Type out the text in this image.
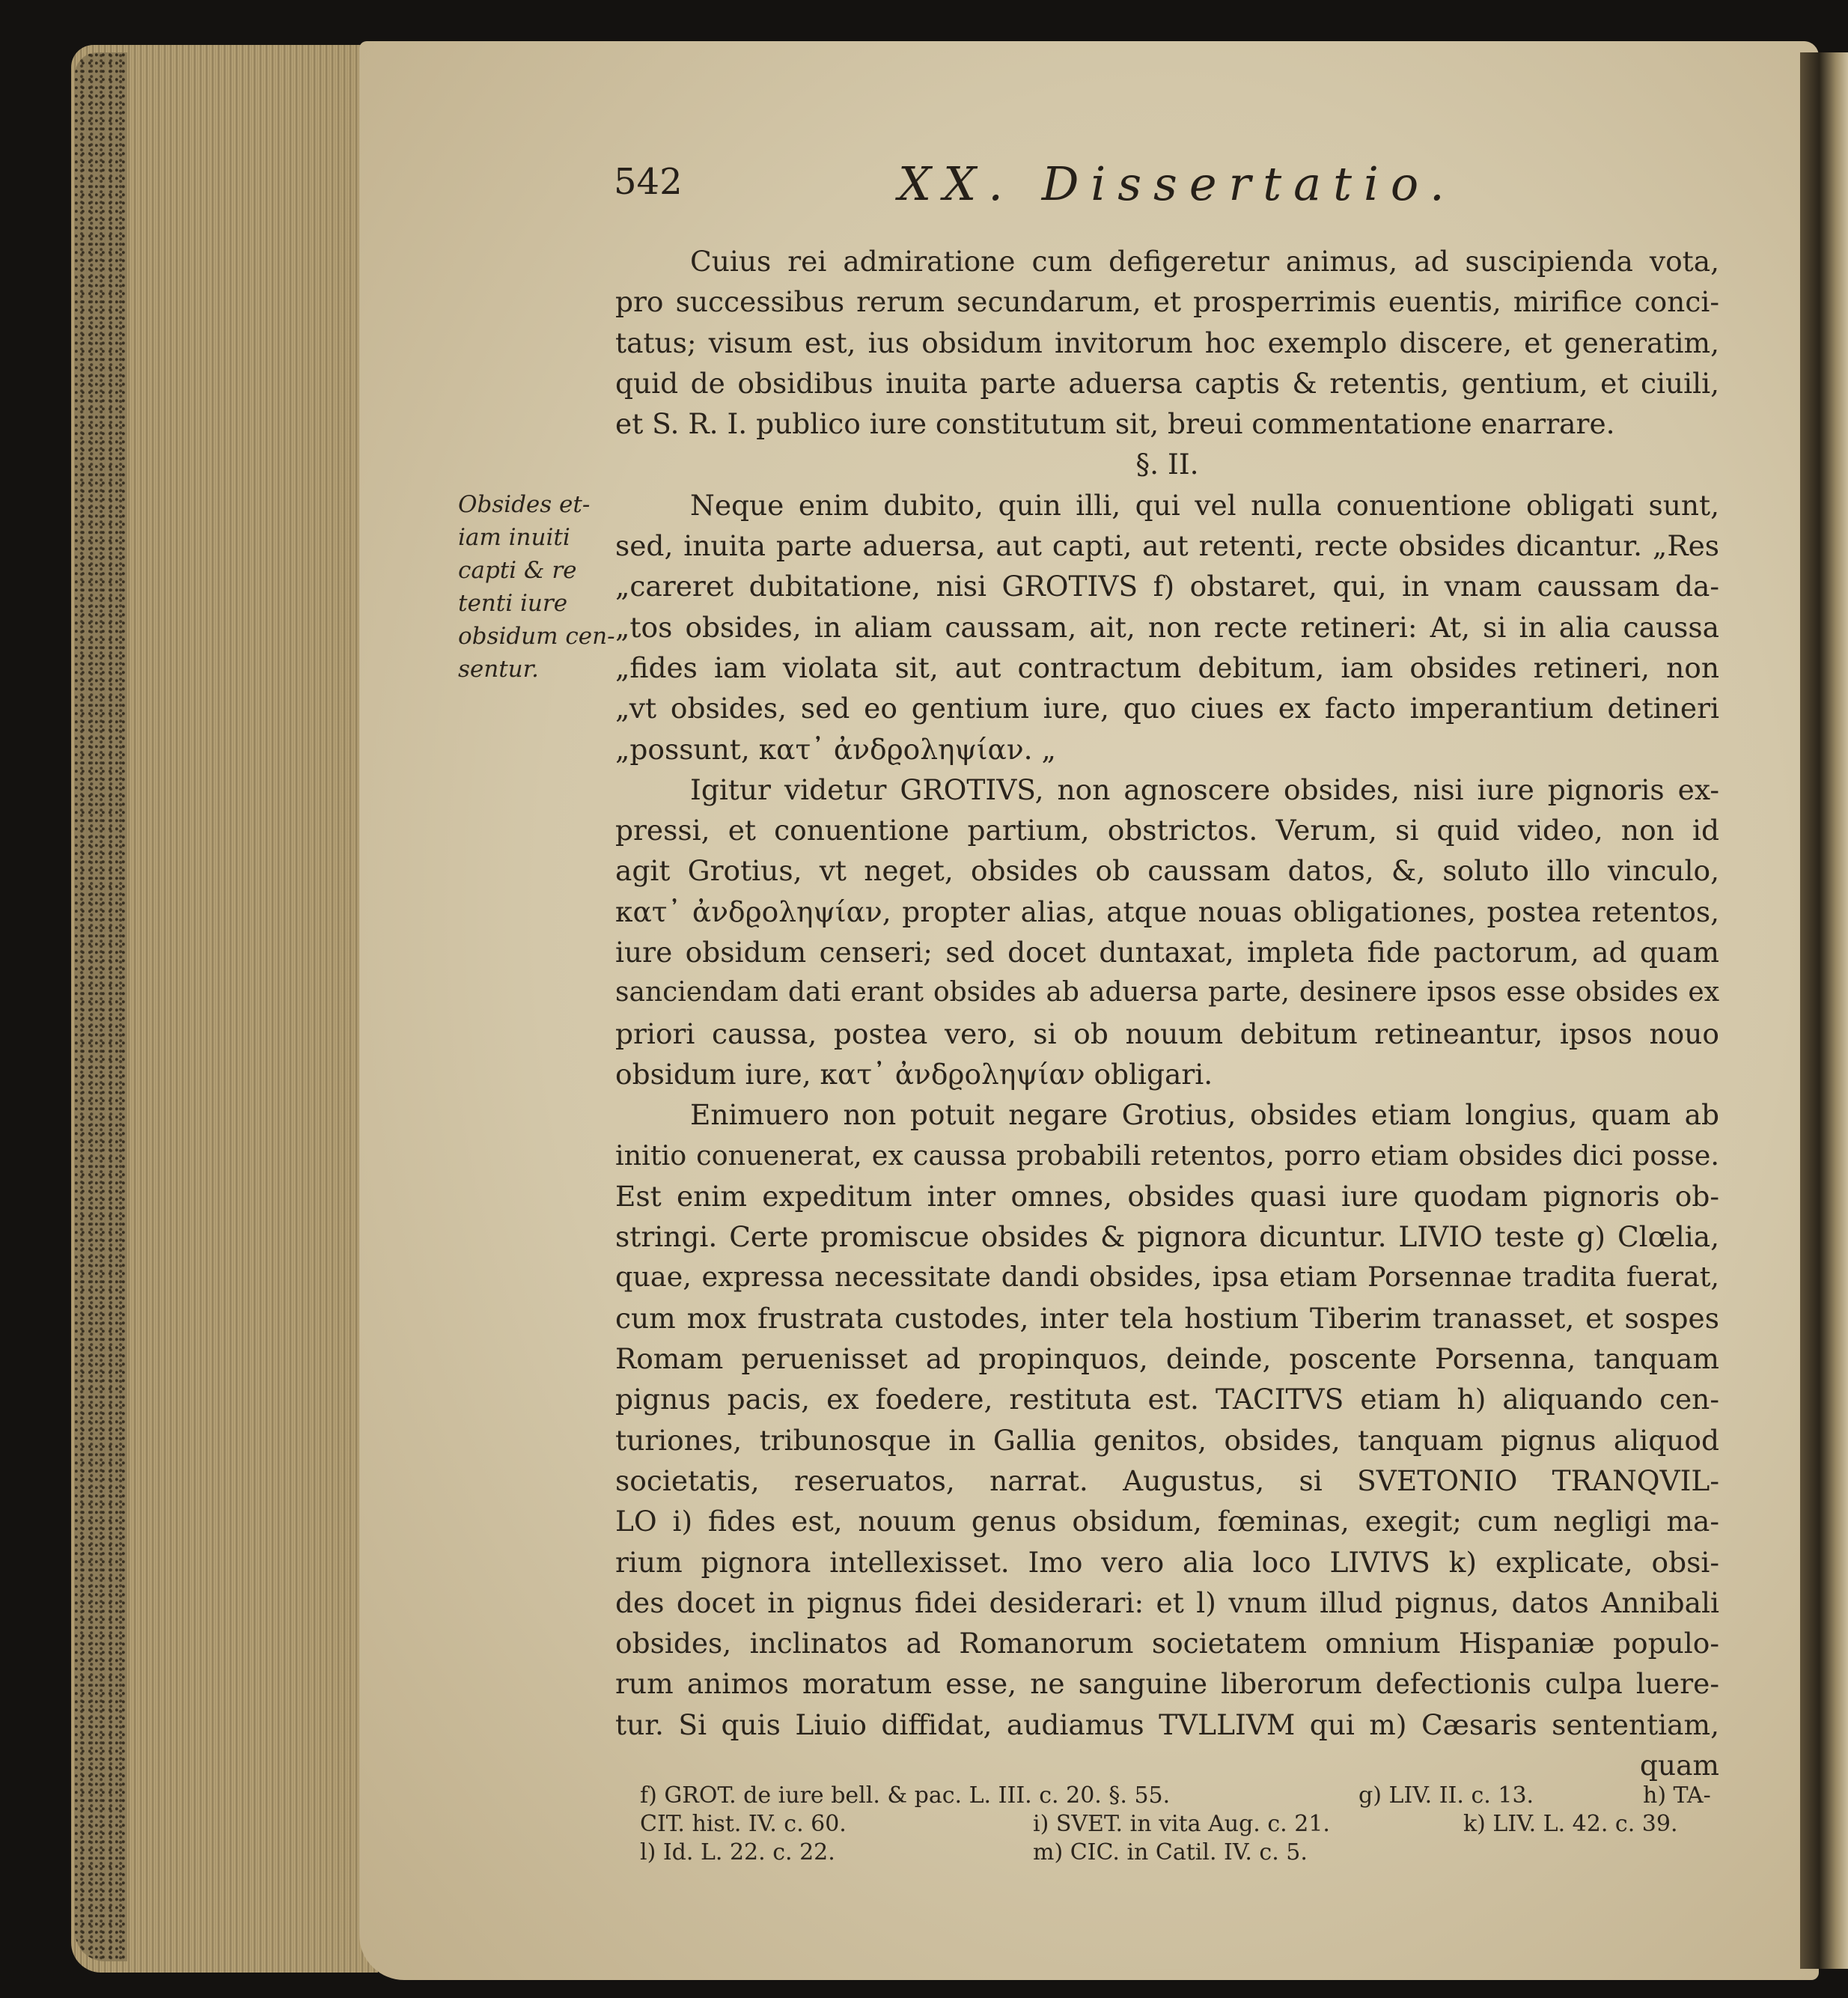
542	XX. Dissertatio.
Obsides et-
iam inuiti
capti & re
tenti iure
obsidum cen-
sentur.
Cuius rei admiratione cum defigeretur animus, ad suscipienda vota,
pro successibus rerum secundarum, et prosperrimis euentis, mirifice conci-
tatus; visum est, ius obsidum invitorum hoc exemplo discere, et generatim,
quid de obsidibus inuita parte aduersa captis & retentis, gentium, et ciuili,
et S. R. I. publico iure constitutum sit, breui commentatione enarrare.
§. II.
Neque enim dubito, quin illi, qui vel nulla conuentione obligati sunt,
sed, inuita parte aduersa, aut capti, aut retenti, recte obsides dicantur. „Res
„careret dubitatione, nisi GROTIVS f) obstaret, qui, in vnam caussam da-
„tos obsides, in aliam caussam, ait, non recte retineri: At, si in alia caussa
„fides iam violata sit, aut contractum debitum, iam obsides retineri, non
„vt obsides, sed eo gentium iure, quo ciues ex facto imperantium detineri
„possunt, κατ᾽ ἀνδϱοληψίαν. „
Igitur videtur GROTIVS, non agnoscere obsides, nisi iure pignoris ex-
pressi, et conuentione partium, obstrictos. Verum, si quid video, non id
agit Grotius, vt neget, obsides ob caussam datos, &, soluto illo vinculo,
κατ᾽ ἀνδϱοληψίαν, propter alias, atque nouas obligationes, postea retentos,
iure obsidum censeri; sed docet duntaxat, impleta fide pactorum, ad quam
sanciendam dati erant obsides ab aduersa parte, desinere ipsos esse obsides ex
priori caussa, postea vero, si ob nouum debitum retineantur, ipsos nouo
obsidum iure, κατ᾽ ἀνδϱοληψίαν obligari.
Enimuero non potuit negare Grotius, obsides etiam longius, quam ab
initio conuenerat, ex caussa probabili retentos, porro etiam obsides dici posse.
Est enim expeditum inter omnes, obsides quasi iure quodam pignoris ob-
stringi. Certe promiscue obsides & pignora dicuntur. LIVIO teste g) Clœlia,
quae, expressa necessitate dandi obsides, ipsa etiam Porsennae tradita fuerat,
cum mox frustrata custodes, inter tela hostium Tiberim tranasset, et sospes
Romam peruenisset ad propinquos, deinde, poscente Porsenna, tanquam
pignus pacis, ex foedere, restituta est. TACITVS etiam h) aliquando cen-
turiones, tribunosque in Gallia genitos, obsides, tanquam pignus aliquod
societatis, reseruatos, narrat. Augustus, si SVETONIO TRANQVIL-
LO i) fides est, nouum genus obsidum, fœminas, exegit; cum negligi ma-
rium pignora intellexisset. Imo vero alia loco LIVIVS k) explicate, obsi-
des docet in pignus fidei desiderari: et l) vnum illud pignus, datos Annibali
obsides, inclinatos ad Romanorum societatem omnium Hispaniæ populo-
rum animos moratum esse, ne sanguine liberorum defectionis culpa luere-
tur. Si quis Liuio diffidat, audiamus TVLLIVM qui m) Cæsaris sententiam,
quam
f) GROT. de iure bell. & pac. L. III. c. 20. §. 55.	g) LIV. II. c. 13.	h) TA-
CIT. hist. IV. c. 60.	i) SVET. in vita Aug. c. 21.	k) LIV. L. 42. c. 39.
l) Id. L. 22. c. 22.	m) CIC. in Catil. IV. c. 5.
